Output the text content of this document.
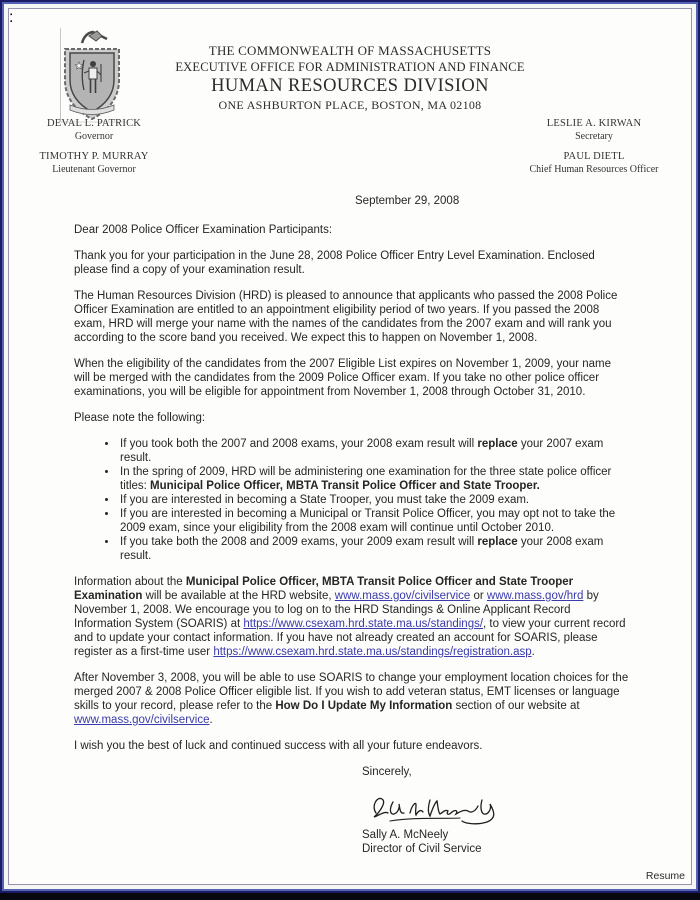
:
THE COMMONWEALTH OF MASSACHUSETTS
EXECUTIVE OFFICE FOR ADMINISTRATION AND FINANCE
HUMAN RESOURCES DIVISION
ONE ASHBURTON PLACE, BOSTON, MA 02108
DEVAL L. PATRICK
Governor
TIMOTHY P. MURRAY
Lieutenant Governor
LESLIE A. KIRWAN
Secretary
PAUL DIETL
Chief Human Resources Officer
September 29, 2008
Dear 2008 Police Officer Examination Participants:

Thank you for your participation in the June 28, 2008 Police Officer Entry Level Examination. Enclosed please find a copy of your examination result.

The Human Resources Division (HRD) is pleased to announce that applicants who passed the 2008 Police Officer Examination are entitled to an appointment eligibility period of two years. If you passed the 2008 exam, HRD will merge your name with the names of the candidates from the 2007 exam and will rank you according to the score band you received. We expect this to happen on November 1, 2008.

When the eligibility of the candidates from the 2007 Eligible List expires on November 1, 2009, your name will be merged with the candidates from the 2009 Police Officer exam. If you take no other police officer examinations, you will be eligible for appointment from November 1, 2008 through October 31, 2010.

Please note the following:

• If you took both the 2007 and 2008 exams, your 2008 exam result will replace your 2007 exam result.
• In the spring of 2009, HRD will be administering one examination for the three state police officer titles: Municipal Police Officer, MBTA Transit Police Officer and State Trooper.
• If you are interested in becoming a State Trooper, you must take the 2009 exam.
• If you are interested in becoming a Municipal or Transit Police Officer, you may opt not to take the 2009 exam, since your eligibility from the 2008 exam will continue until October 2010.
• If you take both the 2008 and 2009 exams, your 2009 exam result will replace your 2008 exam result.

Information about the Municipal Police Officer, MBTA Transit Police Officer and State Trooper Examination will be available at the HRD website, www.mass.gov/civilservice or www.mass.gov/hrd by November 1, 2008. We encourage you to log on to the HRD Standings & Online Applicant Record Information System (SOARIS) at https://www.csexam.hrd.state.ma.us/standings/, to view your current record and to update your contact information. If you have not already created an account for SOARIS, please register as a first-time user https://www.csexam.hrd.state.ma.us/standings/registration.asp.

After November 3, 2008, you will be able to use SOARIS to change your employment location choices for the merged 2007 & 2008 Police Officer eligible list. If you wish to add veteran status, EMT licenses or language skills to your record, please refer to the How Do I Update My Information section of our website at www.mass.gov/civilservice.

I wish you the best of luck and continued success with all your future endeavors.

Sincerely,

Sally A. McNeely
Director of Civil Service
Resume
